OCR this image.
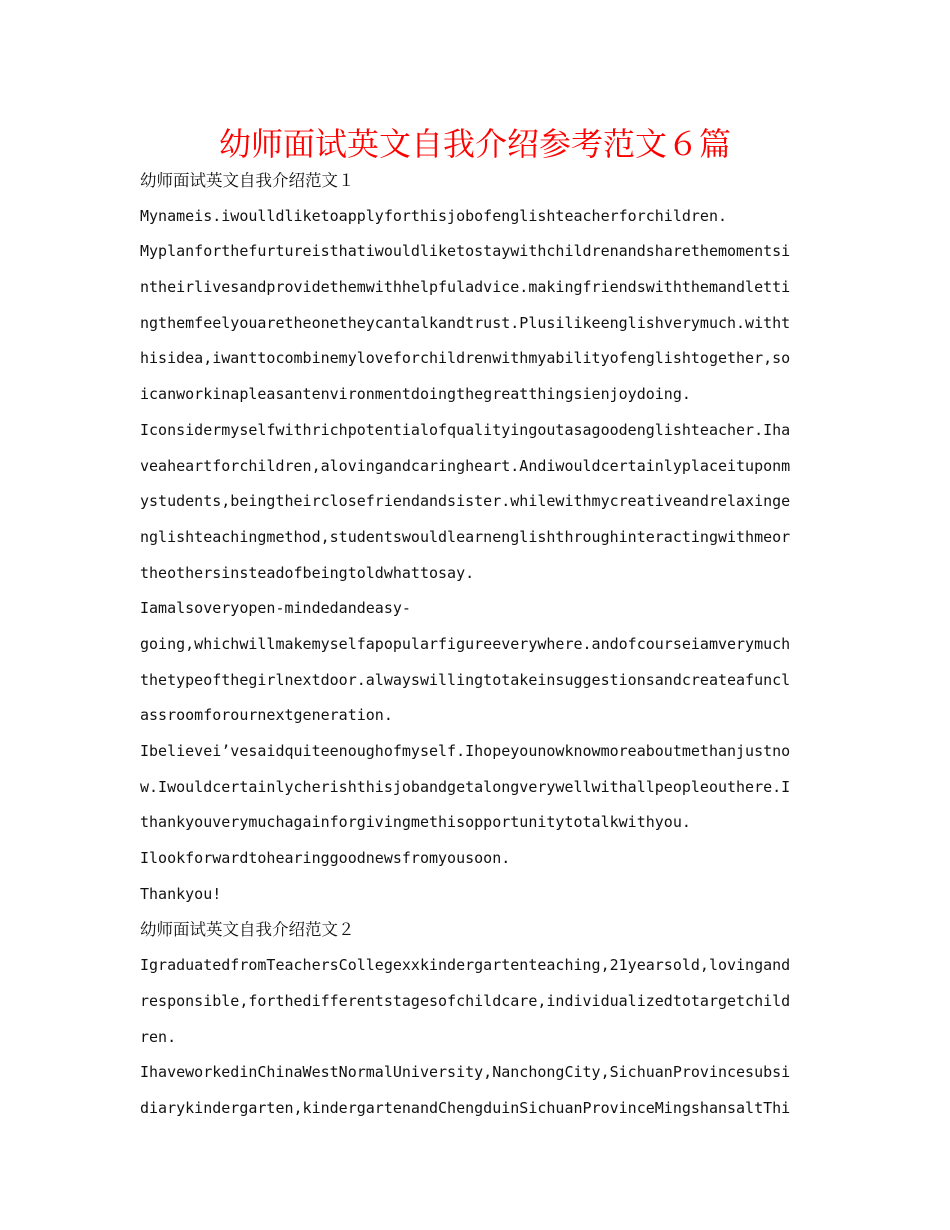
幼师面试英文自我介绍参考范文６篇
幼师面试英文自我介绍范文１
Mynameis.iwoulldliketoapplyforthisjobofenglishteacherforchildren.
Myplanforthefurtureisthatiwouldliketostaywithchildrenandsharethemomentsi
ntheirlivesandprovidethemwithhelpfuladvice.makingfriendswiththemandletti
ngthemfeelyouaretheonetheycantalkandtrust.Plusilikeenglishverymuch.witht
hisidea,iwanttocombinemyloveforchildrenwithmyabilityofenglishtogether,so
icanworkinapleasantenvironmentdoingthegreatthingsienjoydoing.
Iconsidermyselfwithrichpotentialofqualityingoutasagoodenglishteacher.Iha
veaheartforchildren,alovingandcaringheart.Andiwouldcertainlyplaceituponm
ystudents,beingtheirclosefriendandsister.whilewithmycreativeandrelaxinge
nglishteachingmethod,studentswouldlearnenglishthroughinteractingwithmeor
theothersinsteadofbeingtoldwhattosay.
Iamalsoveryopen-mindedandeasy-
going,whichwillmakemyselfapopularfigureeverywhere.andofcourseiamverymuch
thetypeofthegirlnextdoor.alwayswillingtotakeinsuggestionsandcreateafuncl
assroomforournextgeneration.
Ibelievei’vesaidquiteenoughofmyself.Ihopeyounowknowmoreaboutmethanjustno
w.Iwouldcertainlycherishthisjobandgetalongverywellwithallpeopleouthere.I
thankyouverymuchagainforgivingmethisopportunitytotalkwithyou.
Ilookforwardtohearinggoodnewsfromyousoon.
Thankyou!
幼师面试英文自我介绍范文２
IgraduatedfromTeachersCollegexxkindergartenteaching,21yearsold,lovingand
responsible,forthedifferentstagesofchildcare,individualizedtotargetchild
ren.
IhaveworkedinChinaWestNormalUniversity,NanchongCity,SichuanProvincesubsi
diarykindergarten,kindergartenandChengduinSichuanProvinceMingshansaltThi
